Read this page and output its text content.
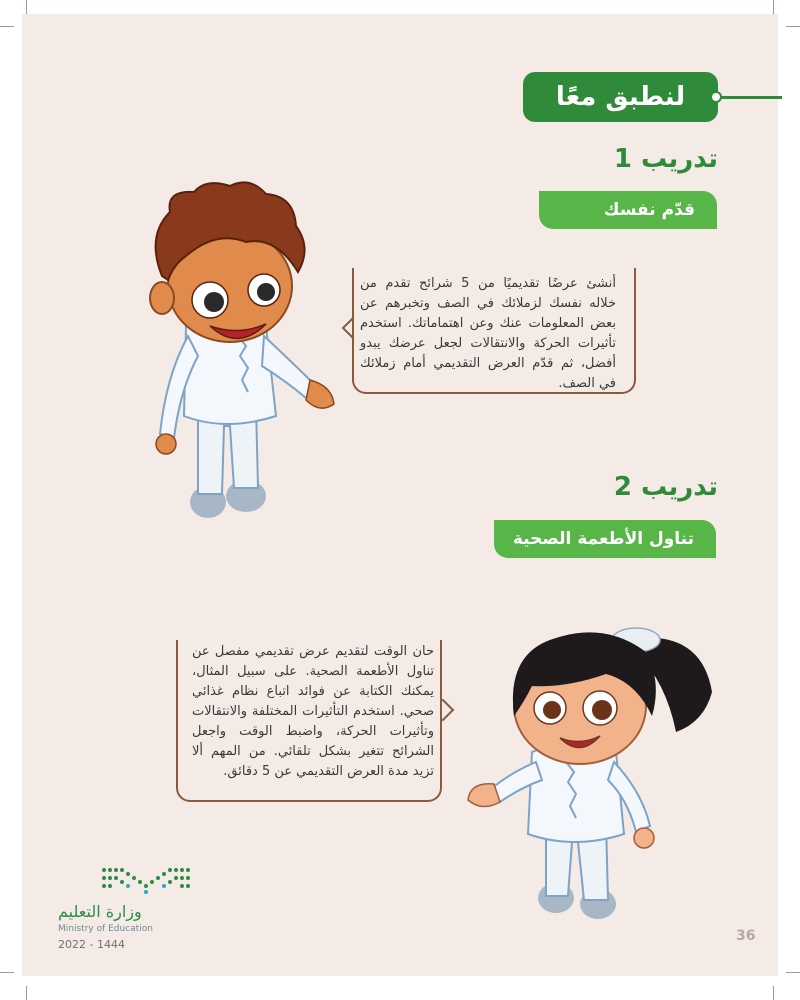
لنطبق معًا
تدريب 1
قدّم نفسك
أنشئ عرضًا تقديميًا من 5 شرائح تقدم من خلاله نفسك لزملائك في الصف وتخبرهم عن بعض المعلومات عنك وعن اهتماماتك. استخدم تأثيرات الحركة والانتقالات لجعل عرضك يبدو أفضل، ثم قدّم العرض التقديمي أمام زملائك في الصف.
تدريب 2
تناول الأطعمة الصحية
حان الوقت لتقديم عرض تقديمي مفصل عن تناول الأطعمة الصحية. على سبيل المثال، يمكنك الكتابة عن فوائد اتباع نظام غذائي صحي. استخدم التأثيرات المختلفة والانتقالات وتأثيرات الحركة، واضبط الوقت واجعل الشرائح تتغير بشكل تلقائي. من المهم ألا تزيد مدة العرض التقديمي عن 5 دقائق.
وزارة التعليم
Ministry of Education
2022 - 1444
36
